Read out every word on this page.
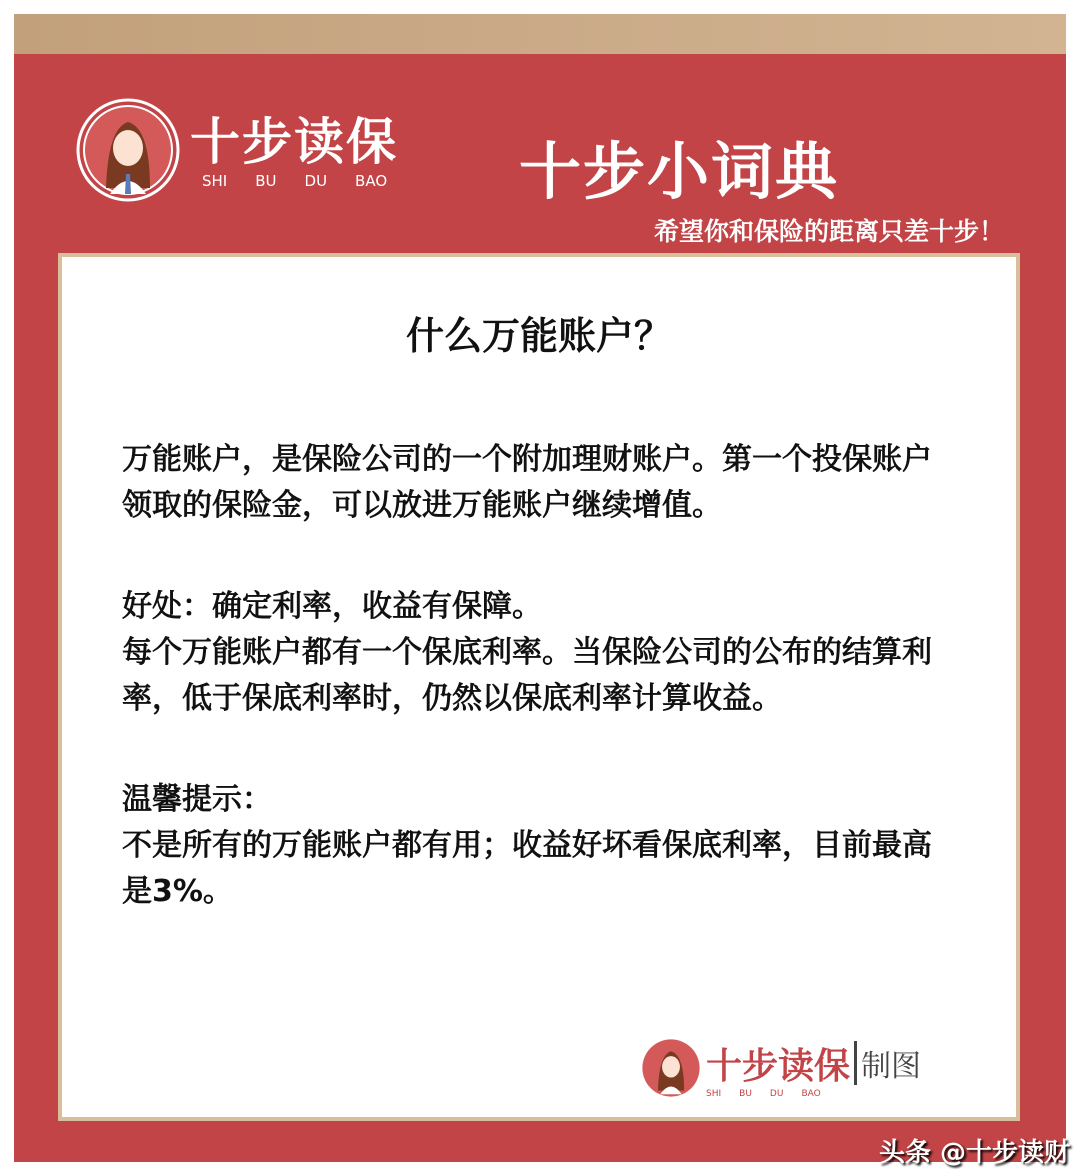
十步读保
SHI BU DU BAO 十步小词典
希望你和保险的距离只差十步！
什么万能账户？

万能账户，是保险公司的一个附加理财账户。第一个投保账户领取的保险金，可以放进万能账户继续增值。

好处：确定利率，收益有保障。

每个万能账户都有一个保底利率。当保险公司的公布的结算利率，低于保底利率时，仍然以保底利率计算收益。

温馨提示：

不是所有的万能账户都有用；收益好坏看保底利率，目前最高是3%。

十步读保 制图
SHI BU DU BAO
头条 @十步读财
